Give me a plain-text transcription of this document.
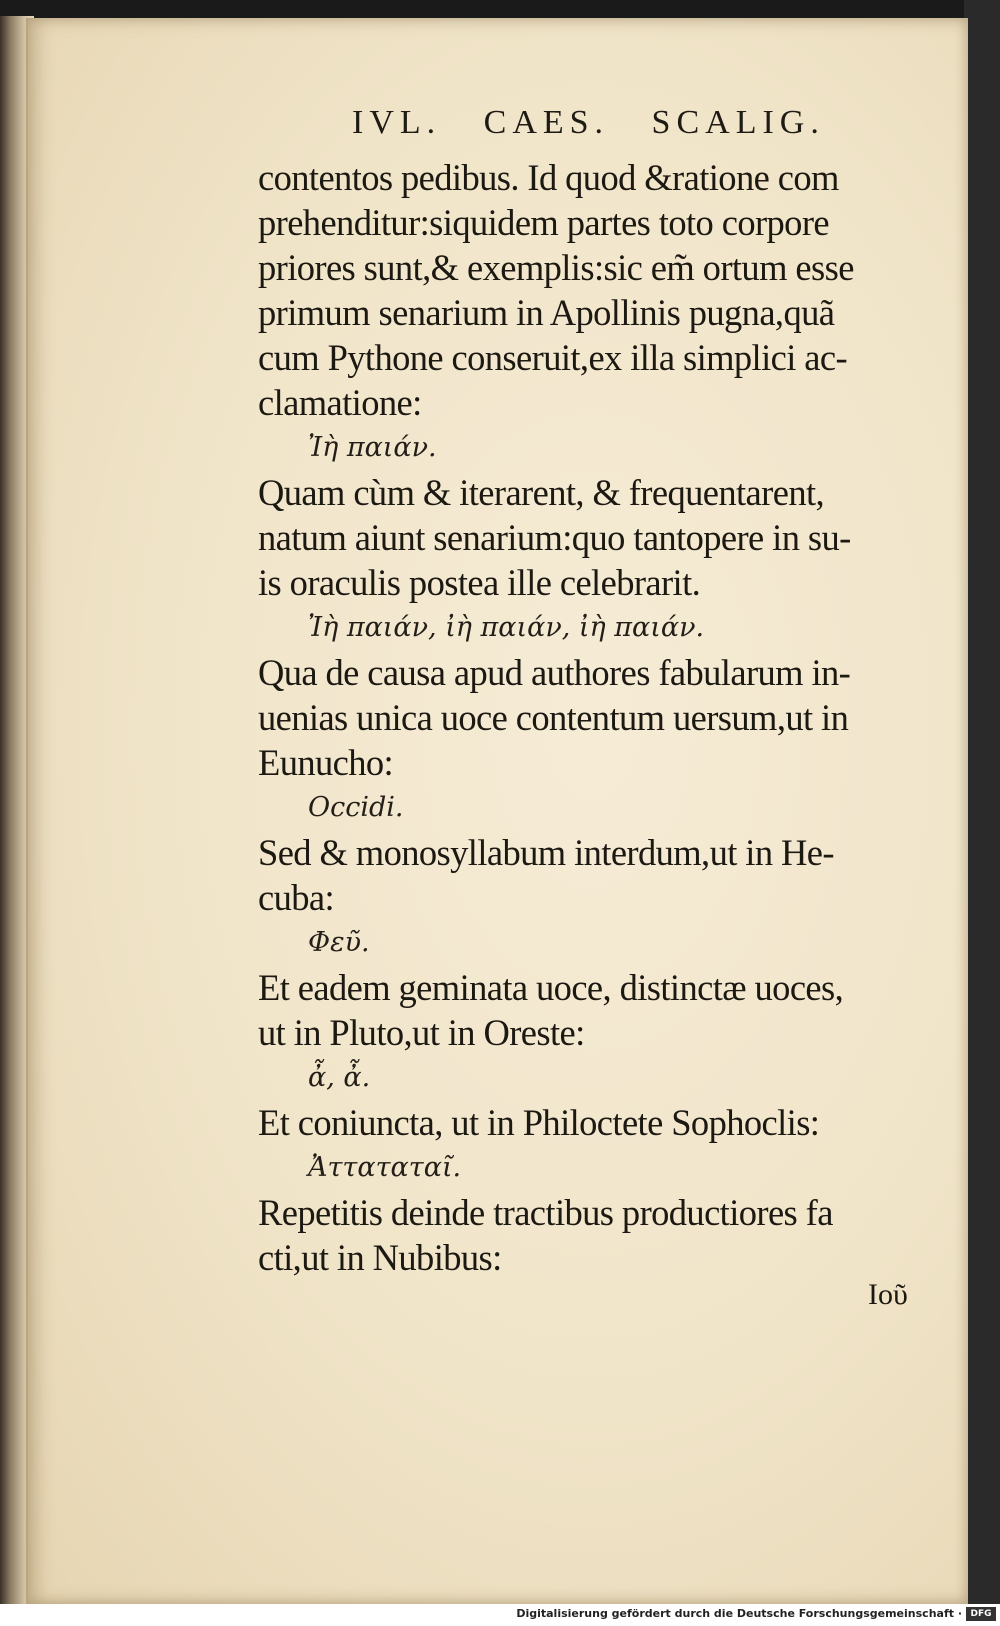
IVL. CAES. SCALIG.
contentos pedibus. Id quod &ratione com
prehenditur:siquidem partes toto corpore
priores sunt,& exemplis:sic em̃ ortum esse
primum senarium in Apollinis pugna,quã
cum Pythone conseruit,ex illa simplici ac-
clamatione:
Ἰὴ παιάν.
Quam cùm & iterarent, & frequentarent,
natum aiunt senarium:quo tantopere in su-
is oraculis postea ille celebrarit.
Ἰὴ παιάν, ἰὴ παιάν, ἰὴ παιάν.
Qua de causa apud authores fabularum in-
uenias unica uoce contentum uersum,ut in
Eunucho:
Occidi.
Sed & monosyllabum interdum,ut in He-
cuba:
Φεῦ.
Et eadem geminata uoce, distinctæ uoces,
ut in Pluto,ut in Oreste:
ἆ, ἆ.
Et coniuncta, ut in Philoctete Sophoclis:
Ἀτταταταῖ.
Repetitis deinde tractibus productiores fa
cti,ut in Nubibus:
Ioῦ
Digitalisierung gefördert durch die Deutsche Forschungsgemeinschaft · DFG
